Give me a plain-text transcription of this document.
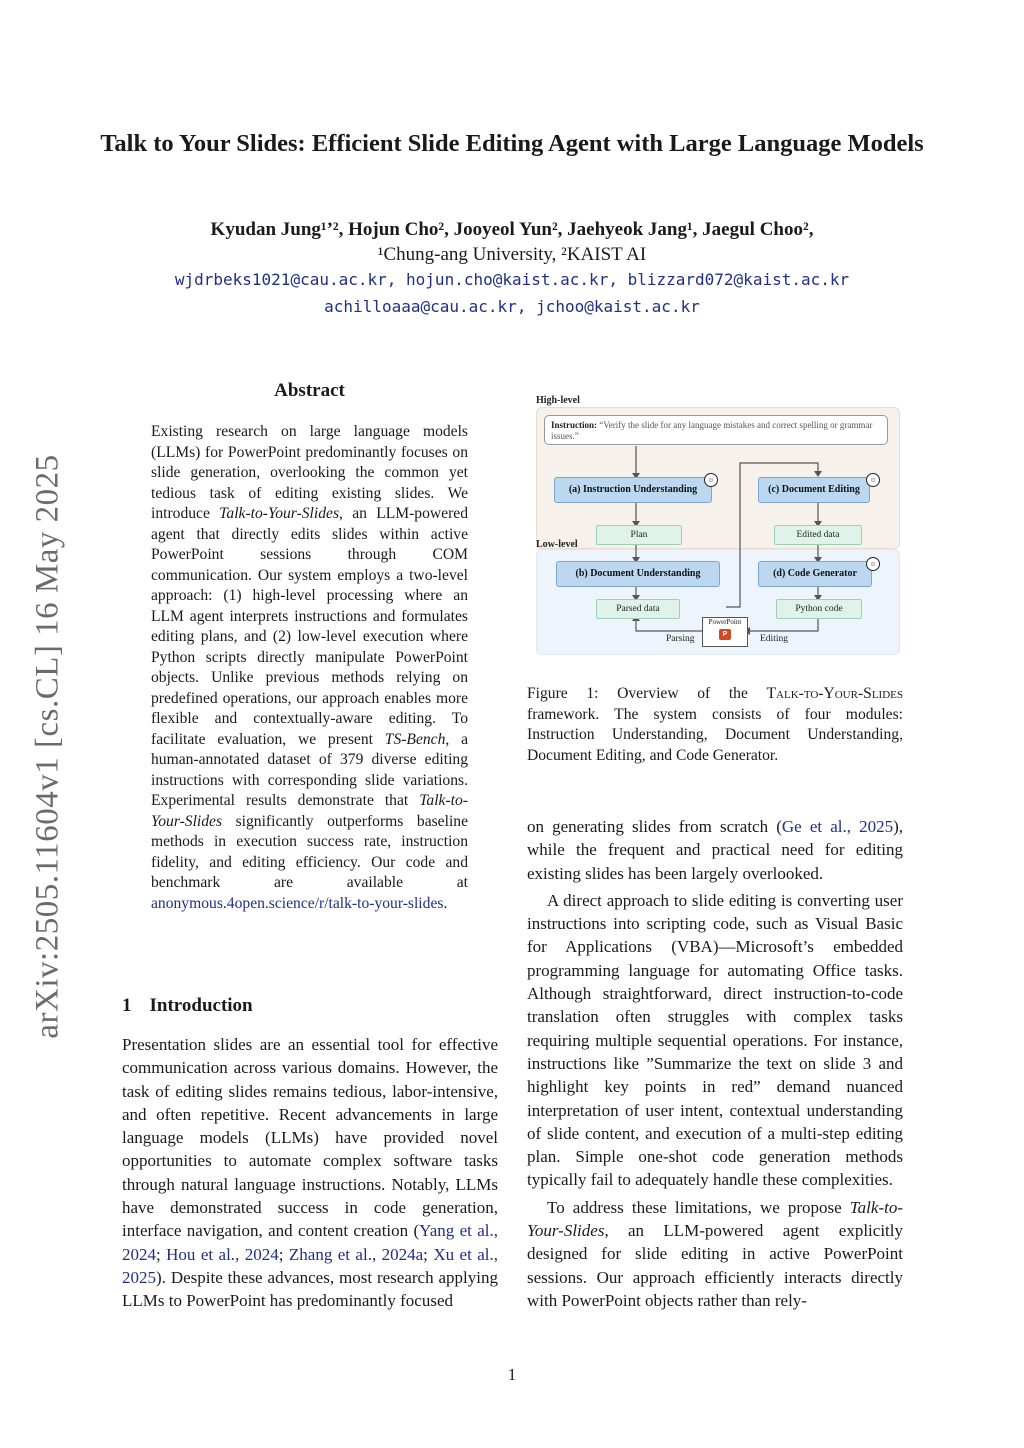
arXiv:2505.11604v1 [cs.CL] 16 May 2025
Talk to Your Slides: Efficient Slide Editing Agent with Large Language Models
Kyudan Jung¹ʼ², Hojun Cho², Jooyeol Yun², Jaehyeok Jang¹, Jaegul Choo²,
¹Chung-ang University, ²KAIST AI
wjdrbeks1021@cau.ac.kr, hojun.cho@kaist.ac.kr, blizzard072@kaist.ac.kr
achilloaaa@cau.ac.kr, jchoo@kaist.ac.kr
Abstract
Existing research on large language models (LLMs) for PowerPoint predominantly focuses on slide generation, overlooking the common yet tedious task of editing existing slides. We introduce Talk-to-Your-Slides, an LLM-powered agent that directly edits slides within active PowerPoint sessions through COM communication. Our system employs a two-level approach: (1) high-level processing where an LLM agent interprets instructions and formulates editing plans, and (2) low-level execution where Python scripts directly manipulate PowerPoint objects. Unlike previous methods relying on predefined operations, our approach enables more flexible and contextually-aware editing. To facilitate evaluation, we present TS-Bench, a human-annotated dataset of 379 diverse editing instructions with corresponding slide variations. Experimental results demonstrate that Talk-to-Your-Slides significantly outperforms baseline methods in execution success rate, instruction fidelity, and editing efficiency. Our code and benchmark are available at anonymous.4open.science/r/talk-to-your-slides.
1 Introduction
Presentation slides are an essential tool for effective communication across various domains. However, the task of editing slides remains tedious, labor-intensive, and often repetitive. Recent advancements in large language models (LLMs) have provided novel opportunities to automate complex software tasks through natural language instructions. Notably, LLMs have demonstrated success in code generation, interface navigation, and content creation (Yang et al., 2024; Hou et al., 2024; Zhang et al., 2024a; Xu et al., 2025). Despite these advances, most research applying LLMs to PowerPoint has predominantly focused
High-level
Low-level
Instruction: “Verify the slide for any language mistakes and correct spelling or grammar issues.”
(a) Instruction Understanding
☺
(c) Document Editing
☺
Plan	Edited data
(b) Document Understanding	(d) Code Generator
☺
Parsed data	Python code
PowerPoint
P
Parsing	Editing
Figure 1: Overview of the Talk-to-Your-Slides framework. The system consists of four modules: Instruction Understanding, Document Understanding, Document Editing, and Code Generator.

on generating slides from scratch (Ge et al., 2025), while the frequent and practical need for editing existing slides has been largely overlooked.

A direct approach to slide editing is converting user instructions into scripting code, such as Visual Basic for Applications (VBA)—Microsoft’s embedded programming language for automating Office tasks. Although straightforward, direct instruction-to-code translation often struggles with complex tasks requiring multiple sequential operations. For instance, instructions like ”Summarize the text on slide 3 and highlight key points in red” demand nuanced interpretation of user intent, contextual understanding of slide content, and execution of a multi-step editing plan. Simple one-shot code generation methods typically fail to adequately handle these complexities.

To address these limitations, we propose Talk-to-Your-Slides, an LLM-powered agent explicitly designed for slide editing in active PowerPoint sessions. Our approach efficiently interacts directly with PowerPoint objects rather than rely-

1
